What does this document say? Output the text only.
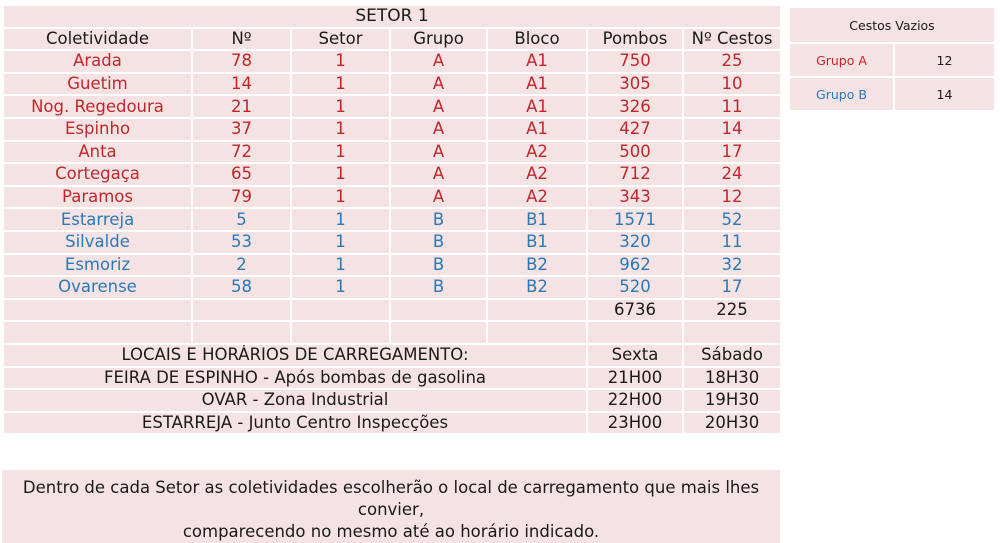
SETOR 1						
Coletividade	Nº	Setor	Grupo	Bloco	Pombos	Nº Cestos
Arada	78	1	A	A1	750	25
Guetim	14	1	A	A1	305	10
Nog. Regedoura	21	1	A	A1	326	11
Espinho	37	1	A	A1	427	14
Anta	72	1	A	A2	500	17
Cortegaça	65	1	A	A2	712	24
Paramos	79	1	A	A2	343	12
Estarreja	5	1	B	B1	1571	52
Silvalde	53	1	B	B1	320	11
Esmoriz	2	1	B	B2	962	32
Ovarense	58	1	B	B2	520	17
					6736	225

LOCAIS E HORÁRIOS DE CARREGAMENTO:					Sexta	Sábado
FEIRA DE ESPINHO - Após bombas de gasolina					21H00	18H30
OVAR - Zona Industrial					22H00	19H30
ESTARREJA - Junto Centro Inspecções					23H00	20H30
Dentro de cada Setor as coletividades escolherão o local de carregamento que mais lhes convier,
comparecendo no mesmo até ao horário indicado.
Cestos Vazios	
Grupo A	12
Grupo B	14
